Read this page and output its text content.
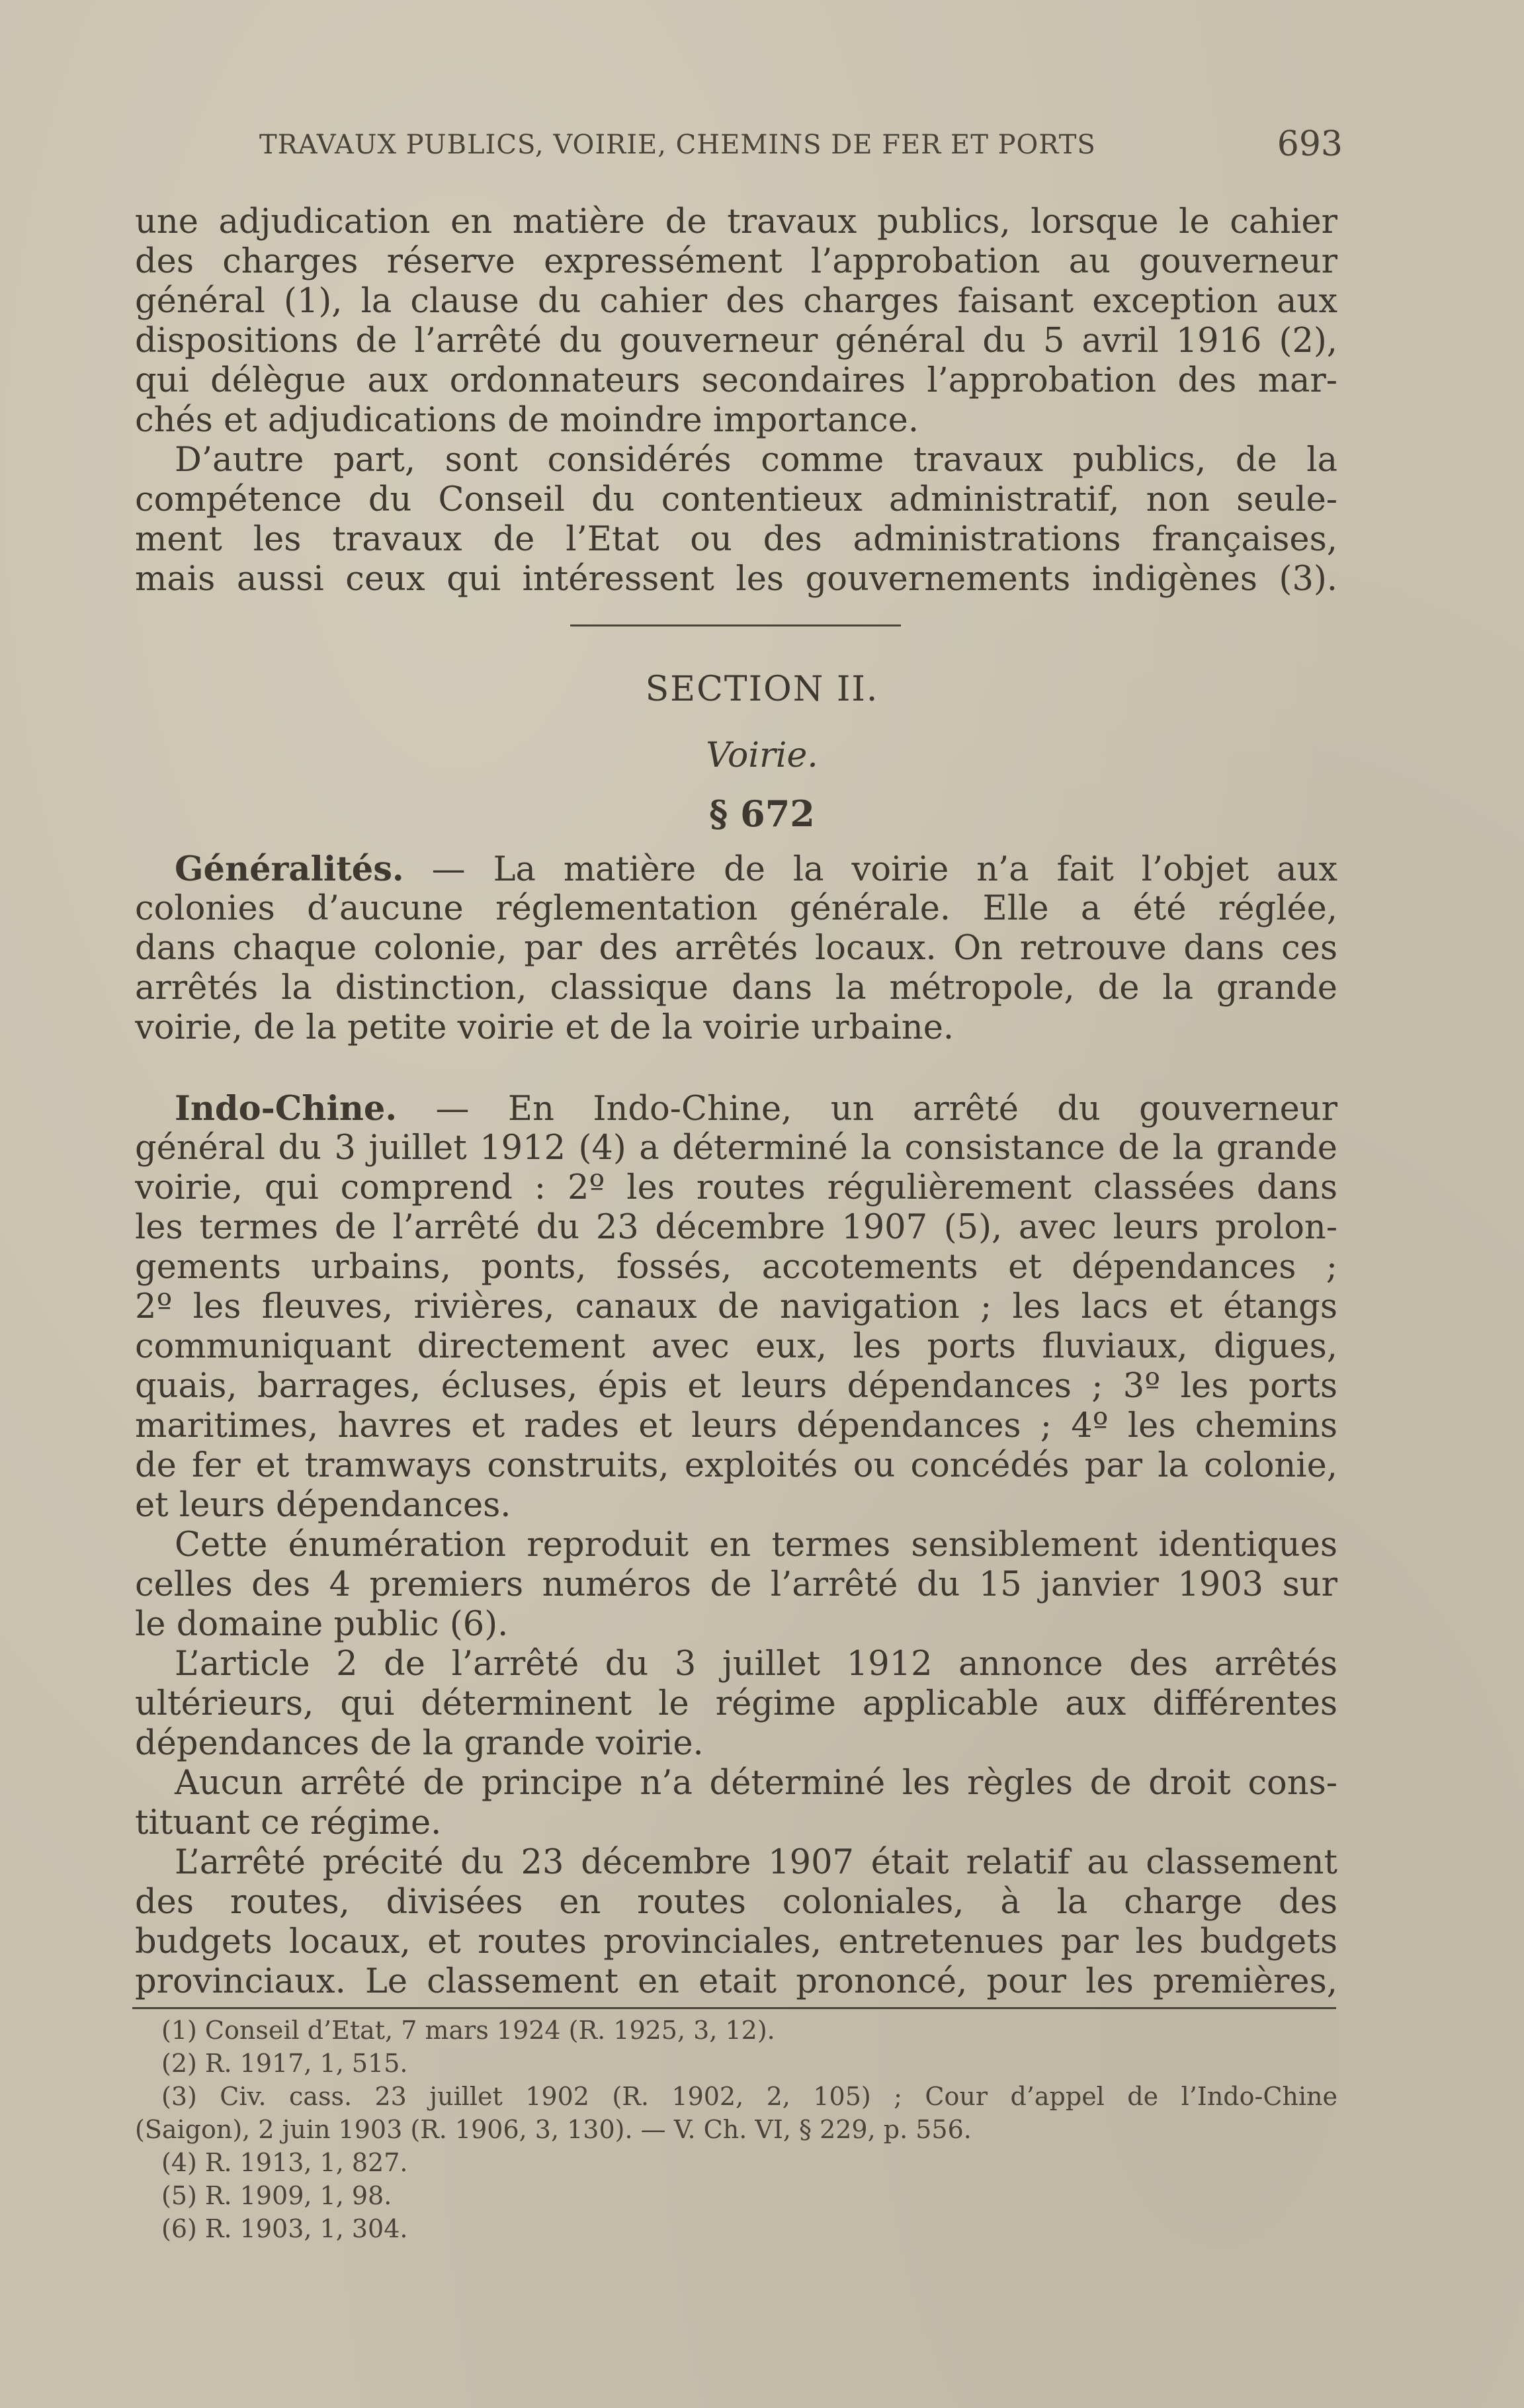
TRAVAUX PUBLICS, VOIRIE, CHEMINS DE FER ET PORTS	693
une adjudication en matière de travaux publics, lorsque le cahier
des charges réserve expressément l’approbation au gouverneur
général (1), la clause du cahier des charges faisant exception aux
dispositions de l’arrêté du gouverneur général du 5 avril 1916 (2),
qui délègue aux ordonnateurs secondaires l’approbation des mar-
chés et adjudications de moindre importance.
D’autre part, sont considérés comme travaux publics, de la
compétence du Conseil du contentieux administratif, non seule-
ment les travaux de l’Etat ou des administrations françaises,
mais aussi ceux qui intéressent les gouvernements indigènes (3).
SECTION II.
Voirie.
§ 672
Généralités. — La matière de la voirie n’a fait l’objet aux
colonies d’aucune réglementation générale. Elle a été réglée,
dans chaque colonie, par des arrêtés locaux. On retrouve dans ces
arrêtés la distinction, classique dans la métropole, de la grande
voirie, de la petite voirie et de la voirie urbaine.
Indo-Chine. — En Indo-Chine, un arrêté du gouverneur
général du 3 juillet 1912 (4) a déterminé la consistance de la grande
voirie, qui comprend : 2º les routes régulièrement classées dans
les termes de l’arrêté du 23 décembre 1907 (5), avec leurs prolon-
gements urbains, ponts, fossés, accotements et dépendances ;
2º les fleuves, rivières, canaux de navigation ; les lacs et étangs
communiquant directement avec eux, les ports fluviaux, digues,
quais, barrages, écluses, épis et leurs dépendances ; 3º les ports
maritimes, havres et rades et leurs dépendances ; 4º les chemins
de fer et tramways construits, exploités ou concédés par la colonie,
et leurs dépendances.
Cette énumération reproduit en termes sensiblement identiques
celles des 4 premiers numéros de l’arrêté du 15 janvier 1903 sur
le domaine public (6).
L’article 2 de l’arrêté du 3 juillet 1912 annonce des arrêtés
ultérieurs, qui déterminent le régime applicable aux différentes
dépendances de la grande voirie.
Aucun arrêté de principe n’a déterminé les règles de droit cons-
tituant ce régime.
L’arrêté précité du 23 décembre 1907 était relatif au classement
des routes, divisées en routes coloniales, à la charge des
budgets locaux, et routes provinciales, entretenues par les budgets
provinciaux. Le classement en etait prononcé, pour les premières,
(1) Conseil d’Etat, 7 mars 1924 (R. 1925, 3, 12).
(2) R. 1917, 1, 515.
(3) Civ. cass. 23 juillet 1902 (R. 1902, 2, 105) ; Cour d’appel de l’Indo-Chine
(Saigon), 2 juin 1903 (R. 1906, 3, 130). — V. Ch. VI, § 229, p. 556.
(4) R. 1913, 1, 827.
(5) R. 1909, 1, 98.
(6) R. 1903, 1, 304.
